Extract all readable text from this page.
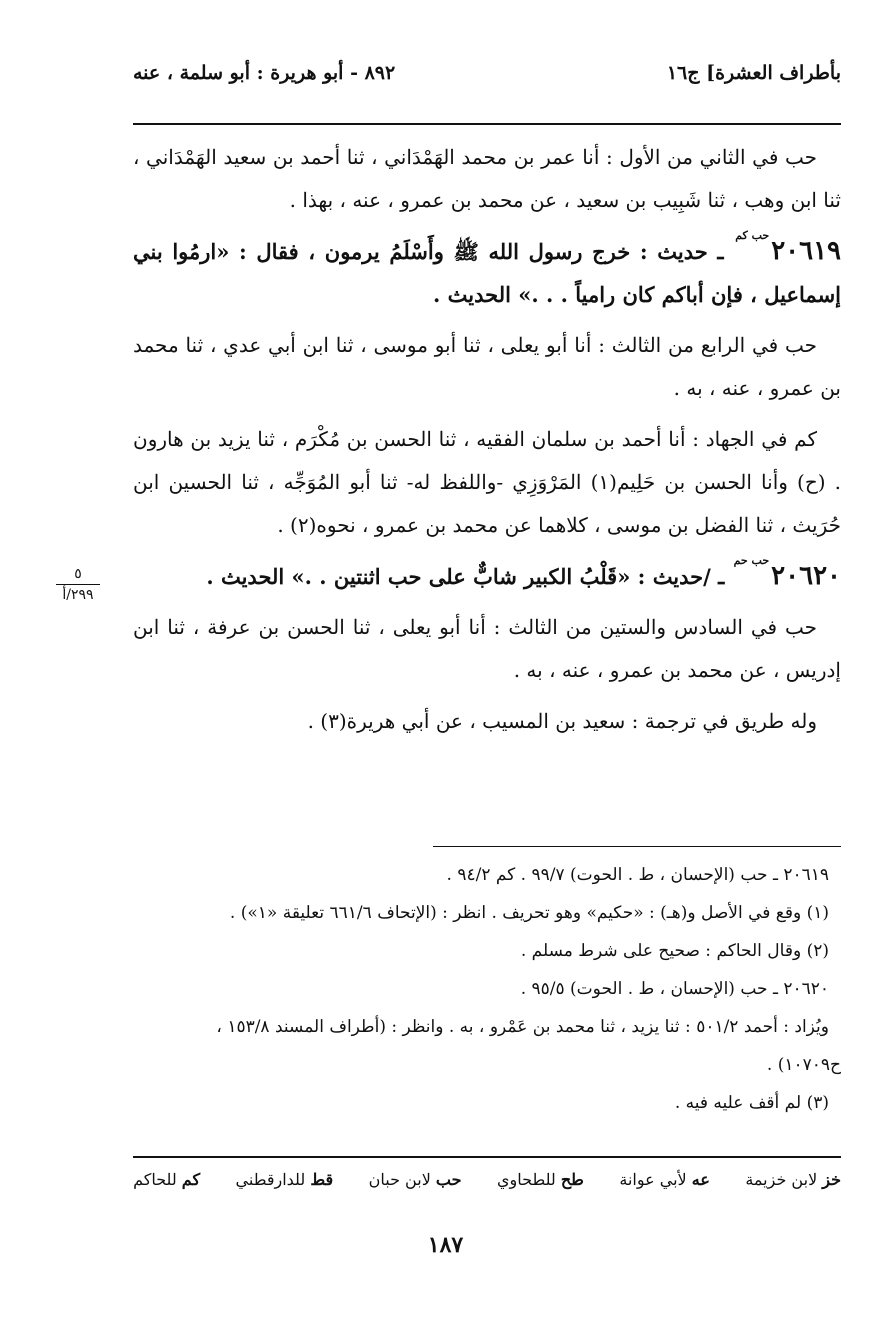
بأطراف العشرة] ج١٦
٨٩٢ - أبو هريرة : أبو سلمة ، عنه

حب في الثاني من الأول : أنا عمر بن محمد الهَمْدَاني ، ثنا أحمد بن سعيد الهَمْدَاني ، ثنا ابن وهب ، ثنا شَبِيب بن سعيد ، عن محمد بن عمرو ، عنه ، بهذا .

٢٠٦١٩حب كم ـ حديث : خرج رسول الله ﷺ وأَسْلَمُ يرمون ، فقال : «ارمُوا بني إسماعيل ، فإن أباكم كان رامياً . . .» الحديث .

حب في الرابع من الثالث : أنا أبو يعلى ، ثنا أبو موسى ، ثنا ابن أبي عدي ، ثنا محمد بن عمرو ، عنه ، به .

كم في الجهاد : أنا أحمد بن سلمان الفقيه ، ثنا الحسن بن مُكْرَم ، ثنا يزيد بن هارون . (ح) وأنا الحسن بن حَلِيم(١) المَرْوَزِي -واللفظ له- ثنا أبو المُوَجِّه ، ثنا الحسين ابن حُرَيث ، ثنا الفضل بن موسى ، كلاهما عن محمد بن عمرو ، نحوه(٢) .

٢٠٦٢٠حب حم ـ /حديث : «قَلْبُ الكبير شابٌّ على حب اثنتين . .» الحديث .

حب في السادس والستين من الثالث : أنا أبو يعلى ، ثنا الحسن بن عرفة ، ثنا ابن إدريس ، عن محمد بن عمرو ، عنه ، به .

وله طريق في ترجمة : سعيد بن المسيب ، عن أبي هريرة(٣) .

٥
٢٩٩/أ
٢٠٦١٩ ـ حب (الإحسان ، ط . الحوت) ٩٩/٧ . كم ٩٤/٢ .
(١) وقع في الأصل و(هـ) : «حكيم» وهو تحريف . انظر : (الإتحاف ٦٦١/٦ تعليقة «١») .
(٢) وقال الحاكم : صحيح على شرط مسلم .
٢٠٦٢٠ ـ حب (الإحسان ، ط . الحوت) ٩٥/٥ .
ويُزاد : أحمد ٥٠١/٢ : ثنا يزيد ، ثنا محمد بن عَمْرو ، به . وانظر : (أطراف المسند ١٥٣/٨ ،
ح١٠٧٠٩) .
(٣) لم أقف عليه فيه .
خز لابن خزيمة
عه لأبي عوانة
طح للطحاوي
حب لابن حبان
قط للدارقطني
كم للحاكم
١٨٧
